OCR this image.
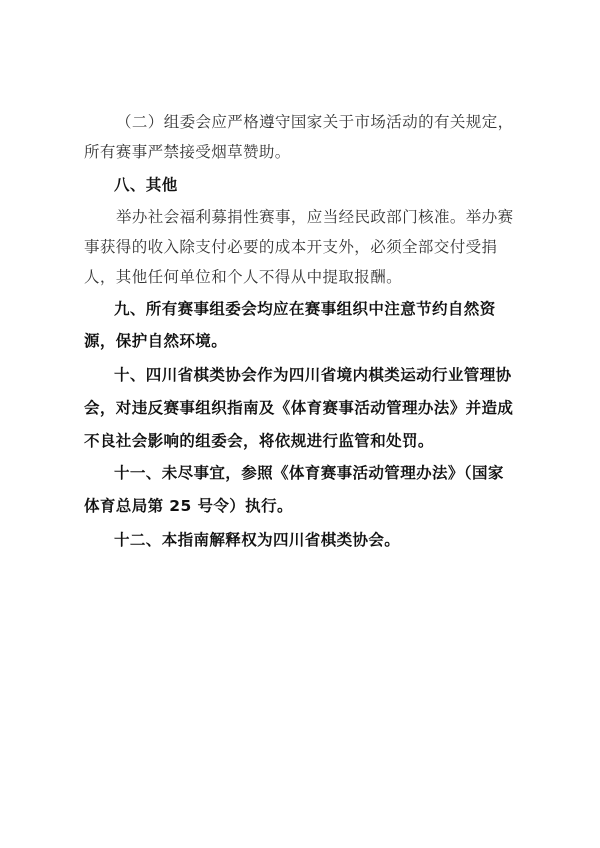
（二）组委会应严格遵守国家关于市场活动的有关规定，
所有赛事严禁接受烟草赞助。
八、其他
举办社会福利募捐性赛事，应当经民政部门核准。举办赛
事获得的收入除支付必要的成本开支外，必须全部交付受捐
人，其他任何单位和个人不得从中提取报酬。
九、所有赛事组委会均应在赛事组织中注意节约自然资
源，保护自然环境。
十、四川省棋类协会作为四川省境内棋类运动行业管理协
会，对违反赛事组织指南及《体育赛事活动管理办法》并造成
不良社会影响的组委会，将依规进行监管和处罚。
十一、未尽事宜，参照《体育赛事活动管理办法》（国家
体育总局第 25 号令）执行。
十二、本指南解释权为四川省棋类协会。
